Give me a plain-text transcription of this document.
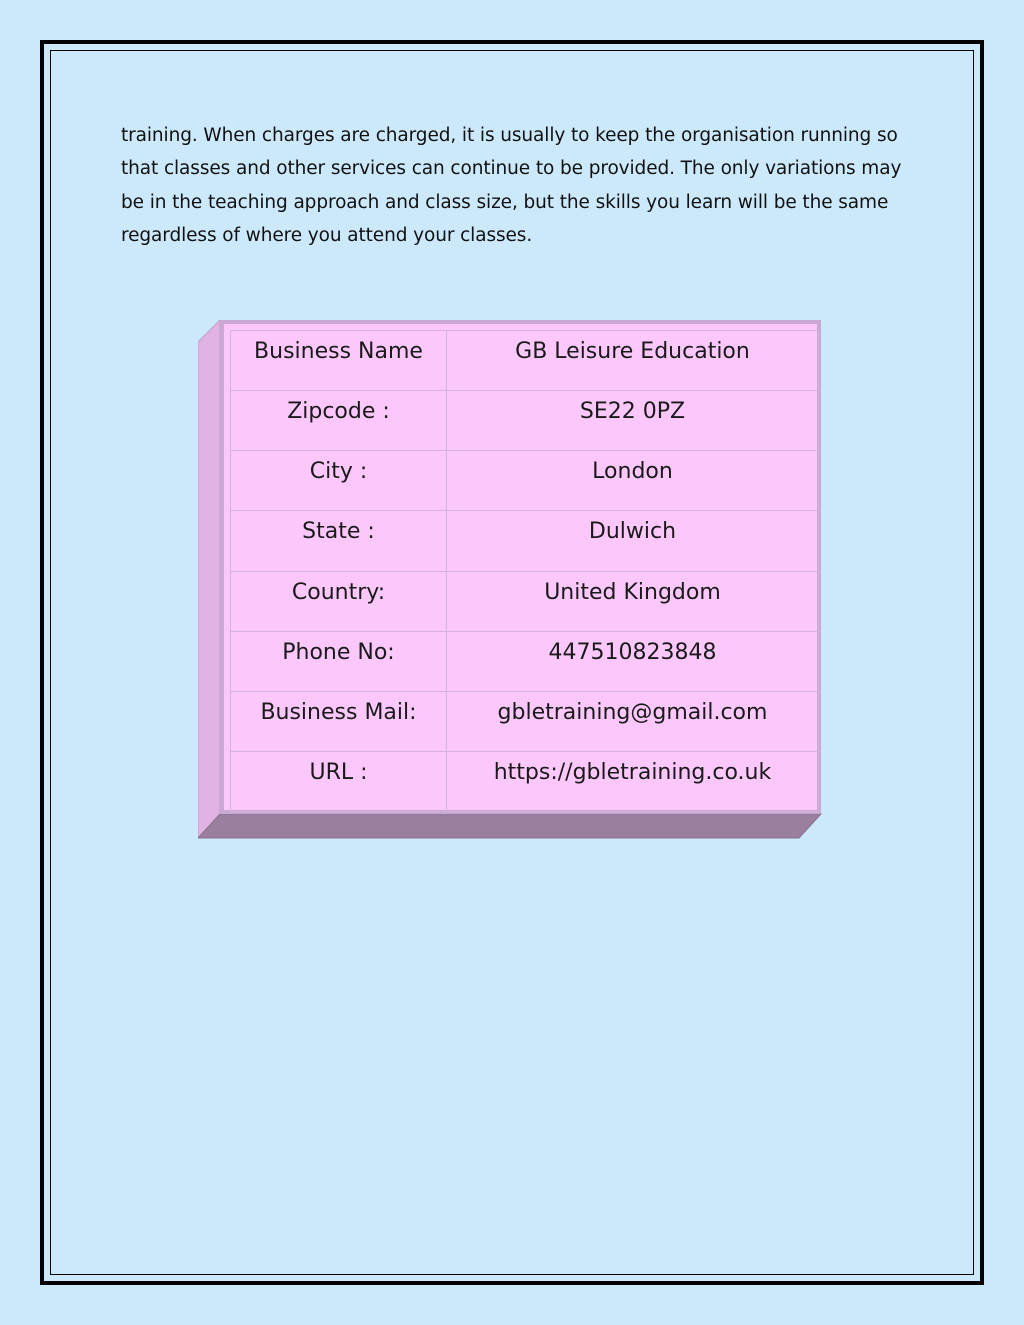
training. When charges are charged, it is usually to keep the organisation running so that classes and other services can continue to be provided. The only variations may be in the teaching approach and class size, but the skills you learn will be the same regardless of where you attend your classes.

Business Name	GB Leisure Education
Zipcode :	SE22 0PZ
City :	London
State :	Dulwich
Country:	United Kingdom
Phone No:	447510823848
Business Mail:	gbletraining@gmail.com
URL :	https://gbletraining.co.uk
